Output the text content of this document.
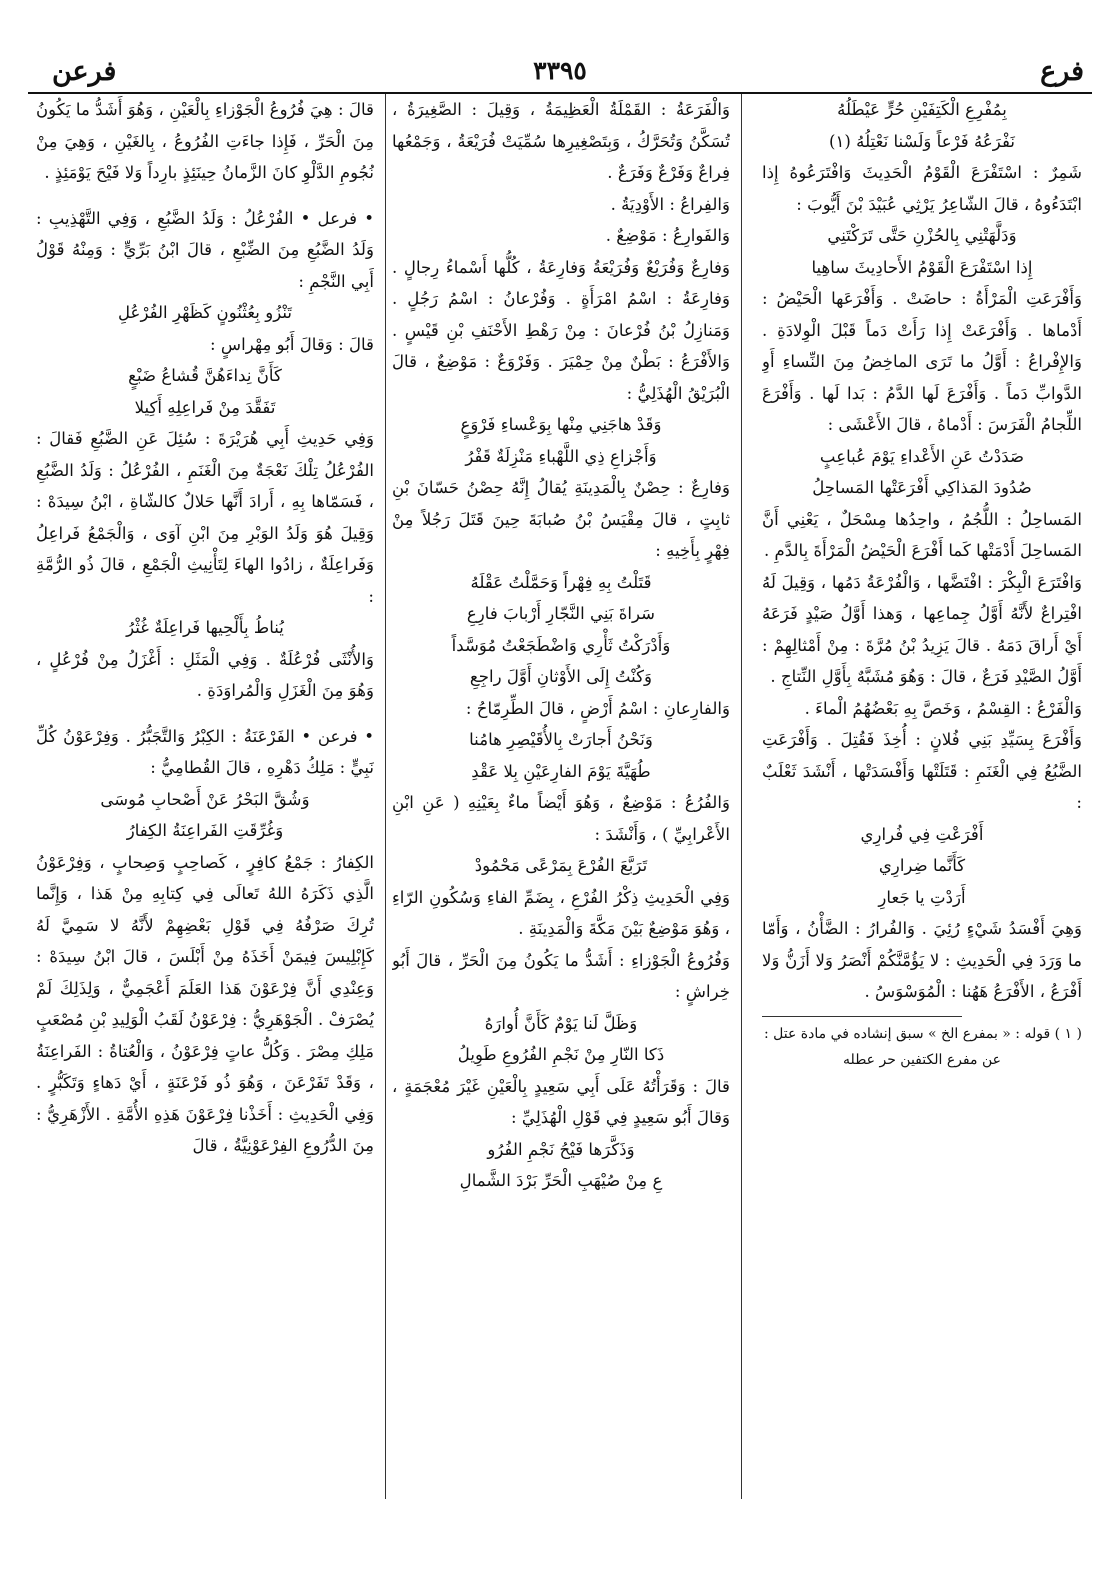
فرع
٣٣٩٥
فرعن

بِمُفْرِعِ الْكَتِفَيْنِ حُرٍّ عَيْطَلُهُ

نَفْرَعُهُ فَرْعاً وَلَسْنا نَعْتِلُهُ (١)

شَمِرٌ : اسْتَفْرَعَ الْقَوْمُ الْحَدِيثَ وَافْتَرَعُوهُ إِذا ابْتَدَءُوهُ ، قالَ الشّاعِرُ يَرْثِي عُبَيْدَ بْنَ أَيُّوبَ :

وَدَلَّهَتْنِي بِالحُزْنِ حَتَّى تَرَكْتَنِي

إِذا اسْتَفْرَعَ الْقَوْمُ الأَحادِيثَ ساهِيا

وَأَفْرَعَتِ الْمَرْأَةُ : حاضَتْ . وَأَفْرَعَها الْحَيْضُ : أَدْماها . وَأَفْرَعَتْ إِذا رَأَتْ دَماً قَبْلَ الْوِلادَةِ . وَالإِفْراعُ : أَوَّلُ ما تَرَى الماخِضُ مِنَ النِّساءِ أَوِ الدَّوابِّ دَماً . وَأَفْرَعَ لَها الدَّمُ : بَدا لَها . وَأَفْرَعَ اللِّجامُ الْفَرَسَ : أَدْماهُ ، قالَ الأَعْشَى :

صَدَدْتُ عَنِ الأَعْداءِ يَوْمَ عُباعِبٍ

صُدُودَ المَذاكِي أَفْرَعَتْها المَساحِلُ

المَساحِلُ : اللُّجُمُ ، واحِدُها مِسْحَلٌ ، يَعْنِي أَنَّ المَساحِلَ أَدْمَتْها كَما أَفْرَعَ الْحَيْضُ الْمَرْأَةَ بِالدَّمِ .

وَافْتَرَعَ الْبِكْرَ : افْتَضَّها ، وَالْفُرْعَةُ دَمُها ، وَقِيلَ لَهُ افْتِراعٌ لأَنَّهُ أَوَّلُ جِماعِها ، وَهذا أَوَّلُ صَيْدٍ فَرَعَهُ أَيْ أَراقَ دَمَهُ . قالَ يَزِيدُ بْنُ مُرَّةَ : مِنْ أَمْثالِهِمْ : أَوَّلُ الصَّيْدِ فَرَعٌ ، قالَ : وَهُوَ مُشَبَّهٌ بِأَوَّلِ النِّتاجِ .

وَالْفَرْعُ : القِسْمُ ، وَخَصَّ بِهِ بَعْضُهُمُ الْماءَ .

وَأَفْرَعَ بِسَيِّدِ بَنِي فُلانٍ : أُخِذَ فَقُتِلَ . وَأَفْرَعَتِ الضَّبُعُ فِي الْغَنَمِ : قَتَلَتْها وَأَفْسَدَتْها ، أَنْشَدَ ثَعْلَبٌ :

أَفْرَعْتِ فِي فُرارِي

كَأَنَّما ضِرارِي

أَرَدْتِ يا جَعارِ

وَهِيَ أَفْسَدُ شَيْءٍ رُئِيَ . وَالفُرارُ : الضَّأْنُ ، وَأَمّا ما وَرَدَ فِي الْحَدِيثِ : لا يَؤُمَّنَّكُمْ أَنْصَرُ وَلا أَزَنُّ وَلا أَفْرَعُ ، الأَفْرَعُ هَهُنا : الْمُوَسْوَسُ .

( ١ ) قوله : « بمفرع الخ » سبق إنشاده في مادة عتل :

عن مفرع الكتفين حر عطله

وَالْفَرَعَةُ : القَمْلَةُ الْعَظِيمَةُ ، وَقِيلَ : الصَّغِيرَةُ ، تُسَكَّنُ وَتُحَرَّكُ ، وَبِتَصْغِيرِها سُمِّيَتْ فُرَيْعَةُ ، وَجَمْعُها فِراعٌ وَفَرْعٌ وَفَرَعٌ .

وَالفِراعُ : الأَوْدِيَةُ .

وَالفَوارِعُ : مَوْضِعٌ .

وَفارِعٌ وَفُرَيْعٌ وَفُرَيْعَةُ وَفارِعَةُ ، كُلُّها أَسْماءُ رِجالٍ . وَفارِعَةُ : اسْمُ امْرَأَةٍ . وَفُرْعانُ : اسْمُ رَجُلٍ . وَمَنازِلُ بْنُ فُرْعانَ : مِنْ رَهْطِ الأَحْنَفِ بْنِ قَيْسٍ . وَالأَفْرَعُ : بَطْنٌ مِنْ حِمْيَرَ . وَفَرْوَعٌ : مَوْضِعٌ ، قالَ الْبُرَيْقُ الْهُذَلِيُّ :

وَقَدْ هاجَنِي مِنْها بِوَعْساءِ فَرْوَعٍ

وَأَجْزاعِ ذِي اللَّهْباءِ مَنْزِلَةٌ قَفْرُ

وَفارِعٌ : حِصْنٌ بِالْمَدِينَةِ يُقالُ إِنَّهُ حِصْنُ حَسّانَ بْنِ ثابِتٍ ، قالَ مِقْيَسُ بْنُ صُبابَةَ حِينَ قَتَلَ رَجُلاً مِنْ فِهْرٍ بِأَخِيهِ :

قَتَلْتُ بِهِ فِهْراً وَحَمَّلْتُ عَقْلَهُ

سَراةَ بَنِي النَّجّارِ أَرْبابَ فارِعِ

وَأَدْرَكْتُ ثَأْرِي وَاضْطَجَعْتُ مُوَسَّداً

وَكُنْتُ إِلَى الأَوْثانِ أَوَّلَ راجِعِ

وَالفارِعانِ : اسْمُ أَرْضٍ ، قالَ الطِّرِمّاحُ :

وَنَحْنُ أَجارَتْ بِالأُقَيْصِرِ هامُنا

طُهَيَّةَ يَوْمَ الفارِعَيْنِ بِلا عَقْدِ

وَالفُرُعُ : مَوْضِعٌ ، وَهُوَ أَيْضاً ماءٌ بِعَيْنِهِ ( عَنِ ابْنِ الأَعْرابِيِّ ) ، وَأَنْشَدَ :

تَرَبَّعَ الفُرْعَ بِمَرْعًى مَحْمُودْ

وَفِي الْحَدِيثِ ذِكْرُ الفُرْعِ ، بِضَمِّ الفاءِ وَسُكُونِ الرّاءِ ، وَهُوَ مَوْضِعٌ بَيْنَ مَكَّةَ وَالْمَدِينَةِ .

وَفُرُوعُ الْجَوْزاءِ : أَشَدُّ ما يَكُونُ مِنَ الْحَرِّ ، قالَ أَبُو خِراشٍ :

وَظَلَّ لَنا يَوْمٌ كَأَنَّ أُوارَهُ

ذَكا النّارِ مِنْ نَجْمِ الفُرُوعِ طَوِيلُ

قالَ : وَقَرَأْتُهُ عَلَى أَبِي سَعِيدٍ بِالْعَيْنِ غَيْرَ مُعْجَمَةٍ ، وَقالَ أَبُو سَعِيدٍ فِي قَوْلِ الْهُذَلِيِّ :

وَذَكَّرَها فَيْحُ نَجْمِ الفُرُو

عِ مِنْ صُيْهَبِ الْحَرِّ بَرْدَ الشَّمالِ

قالَ : هِيَ فُرُوعُ الْجَوْزاءِ بِالْعَيْنِ ، وَهُوَ أَشَدُّ ما يَكُونُ مِنَ الْحَرِّ ، فَإِذا جاءَتِ الفُرُوعُ ، بِالغَيْنِ ، وَهِيَ مِنْ نُجُومِ الدَّلْوِ كانَ الزَّمانُ حِينَئِذٍ بارِداً وَلا فَيْحَ يَوْمَئِذٍ .

• فرعل • الفُرْعُلُ : وَلَدُ الضَّبُعِ ، وَفِي التَّهْذِيبِ : وَلَدُ الضَّبُعِ مِنَ الضِّبْعِ ، قالَ ابْنُ بَرِّيٍّ : وَمِنْهُ قَوْلُ أَبِي النَّجْمِ :

تَنْزُو بِعُثْنُونٍ كَظَهْرِ الفُرْعُلِ

قالَ : وَقالَ أَبُو مِهْراسٍ :

كَأَنَّ نِداءَهُنَّ قُشاعُ ضَبْعٍ

تَفَقَّدَ مِنْ فَراعِلِهِ أَكِيلا

وَفِي حَدِيثِ أَبِي هُرَيْرَةَ : سُئِلَ عَنِ الضَّبُعِ فَقالَ : الفُرْعُلُ تِلْكَ نَعْجَةٌ مِنَ الْغَنَمِ ، الفُرْعُلُ : وَلَدُ الضَّبُعِ ، فَسَمّاها بِهِ ، أَرادَ أَنَّها حَلالٌ كالشّاةِ ، ابْنُ سِيدَهْ : وَقِيلَ هُوَ وَلَدُ الوَبْرِ مِنَ ابْنِ آوَى ، وَالْجَمْعُ فَراعِلُ وَفَراعِلَةٌ ، زادُوا الهاءَ لِتَأْنِيثِ الْجَمْعِ ، قالَ ذُو الرُّمَّةِ :

يُناطُ بِأَلْحِيها فَراعِلَةٌ غُثْرُ

وَالأُنْثَى فُرْعُلَةٌ . وَفِي الْمَثَلِ : أَغْزَلُ مِنْ فُرْعُلٍ ، وَهُوَ مِنَ الْغَزَلِ وَالْمُراوَدَةِ .

• فرعن • الفَرْعَنَةُ : الكِبْرُ وَالتَّجَبُّرُ . وَفِرْعَوْنُ كُلِّ نَبِيٍّ : مَلِكُ دَهْرِهِ ، قالَ القُطامِيُّ :

وَشُقَّ البَحْرُ عَنْ أَصْحابِ مُوسَى

وَغُرِّقَتِ الفَراعِنَةُ الكِفارُ

الكِفارُ : جَمْعُ كافِرٍ ، كَصاحِبٍ وَصِحابٍ ، وَفِرْعَوْنُ الَّذِي ذَكَرَهُ اللهُ تَعالَى فِي كِتابِهِ مِنْ هَذا ، وَإِنَّما تُرِكَ صَرْفُهُ فِي قَوْلِ بَعْضِهِمْ لأَنَّهُ لا سَمِيَّ لَهُ كَإِبْلِيسَ فِيمَنْ أَخَذَهُ مِنْ أَبْلَسَ ، قالَ ابْنُ سِيدَهْ : وَعِنْدِي أَنَّ فِرْعَوْنَ هَذا العَلَمَ أَعْجَمِيٌّ ، وَلِذَلِكَ لَمْ يُصْرَفْ . الْجَوْهَرِيُّ : فِرْعَوْنُ لَقَبُ الْوَلِيدِ بْنِ مُصْعَبٍ مَلِكِ مِصْرَ . وَكُلُّ عاتٍ فِرْعَوْنُ ، وَالْعُتاةُ : الفَراعِنَةُ ، وَقَدْ تَفَرْعَنَ ، وَهُوَ ذُو فَرْعَنَةٍ ، أَيْ دَهاءٍ وَتَكَبُّرٍ . وَفِي الْحَدِيثِ : أَخَذْنا فِرْعَوْنَ هَذِهِ الأُمَّةِ . الأَزْهَرِيُّ : مِنَ الدُّرُوعِ الفِرْعَوْنِيَّةُ ، قالَ
